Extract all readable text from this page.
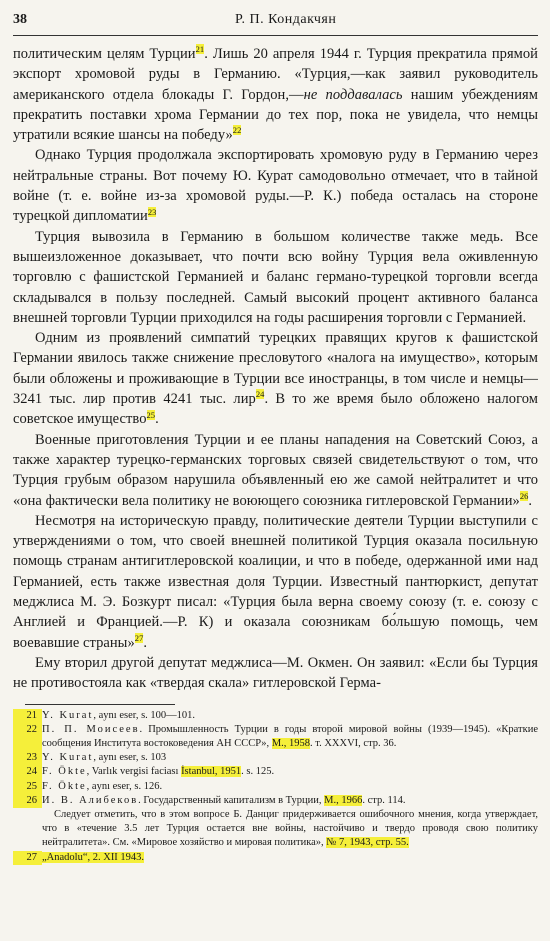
38	Р. П. Кондакчян

политическим целям Турции$^{21}$. Лишь 20 апреля 1944 г. Турция прекратила прямой экспорт хромовой руды в Германию. «Турция,—как заявил руководитель американского отдела блокады Г. Гордон,—не поддавалась нашим убеждениям прекратить поставки хрома Германии до тех пор, пока не увидела, что немцы утратили всякие шансы на победу»$^{22}$

Однако Турция продолжала экспортировать хромовую руду в Германию через нейтральные страны. Вот почему Ю. Курат самодовольно отмечает, что в тайной войне (т. е. войне из-за хромовой руды.—Р. К.) победа осталась на стороне турецкой дипломатии$^{23}$

Турция вывозила в Германию в большом количестве также медь. Все вышеизложенное доказывает, что почти всю войну Турция вела оживленную торговлю с фашистской Германией и баланс германо-турецкой торговли всегда складывался в пользу последней. Самый высокий процент активного баланса внешней торговли Турции приходился на годы расширения торговли с Германией.

Одним из проявлений симпатий турецких правящих кругов к фашистской Германии явилось также снижение пресловутого «налога на имущество», которым были обложены и проживающие в Турции все иностранцы, в том числе и немцы—3241 тыс. лир против 4241 тыс. лир$^{24}$. В то же время было обложено налогом советское имущество$^{25}$.

Военные приготовления Турции и ее планы нападения на Советский Союз, а также характер турецко-германских торговых связей свидетельствуют о том, что Турция грубым образом нарушила объявленный ею же самой нейтралитет и что «она фактически вела политику не воюющего союзника гитлеровской Германии»$^{26}$.

Несмотря на историческую правду, политические деятели Турции выступили с утверждениями о том, что своей внешней политикой Турция оказала посильную помощь странам антигитлеровской коалиции, и что в победе, одержанной ими над Германией, есть также известная доля Турции. Известный пантюркист, депутат меджлиса М. Э. Бозкурт писал: «Турция была верна своему союзу (т. е. союзу с Англией и Францией.—Р. К) и оказала союзникам бо́льшую помощь, чем воевавшие страны»$^{27}$.

Ему вторил другой депутат меджлиса—М. Окмен. Он заявил: «Если бы Турция не противостояла как «твердая скала» гитлеровской Герма-

21 Y. Kurat, aynı eser, s. 100—101.
22 П. П. Моисеев. Промышленность Турции в годы второй мировой войны (1939—1945). «Краткие сообщения Института востоковедения АН СССР», М., 1958. т. XXXVI, стр. 36.
23 Y. Kurat, aynı eser, s. 103
24 F. Ökte, Varlık vergisi faciası İstanbul, 1951. s. 125.
25 F. Ökte, aynı eser, s. 126.
26 И. В. Алибеков. Государственный капитализм в Турции, М., 1966. стр. 114.
Следует отметить, что в этом вопросе Б. Данциг придерживается ошибочного мнения, когда утверждает, что в «течение 3.5 лет Турция остается вне войны, настойчиво и твердо проводя свою политику нейтралитета». См. «Мировое хозяйство и мировая политика», № 7, 1943, стр. 55.
27 „Anadolu“, 2. XII 1943.
